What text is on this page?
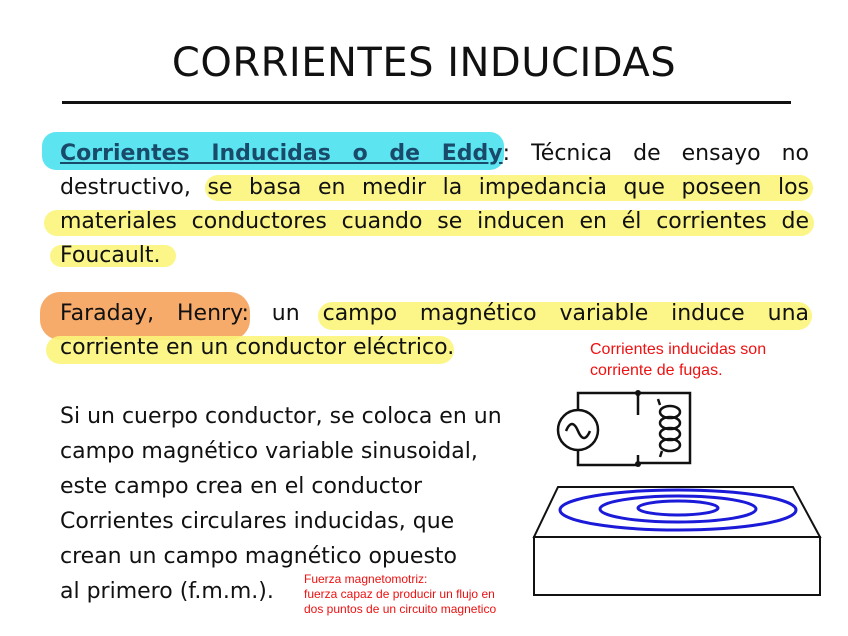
CORRIENTES INDUCIDAS
Corrientes Inducidas o de Eddy: Técnica de ensayo no
destructivo, se basa en medir la impedancia que poseen los
materiales conductores cuando se inducen en él corrientes de
Foucault.
Faraday, Henry: un campo magnético variable induce una
corriente en un conductor eléctrico.
Si un cuerpo conductor, se coloca en un
campo magnético variable sinusoidal,
este campo crea en el conductor
Corrientes circulares inducidas, que
crean un campo magnético opuesto
al primero (f.m.m.).
Corrientes inducidas son
corriente de fugas.
Fuerza magnetomotriz:
fuerza capaz de producir un flujo en
dos puntos de un circuito magnetico
